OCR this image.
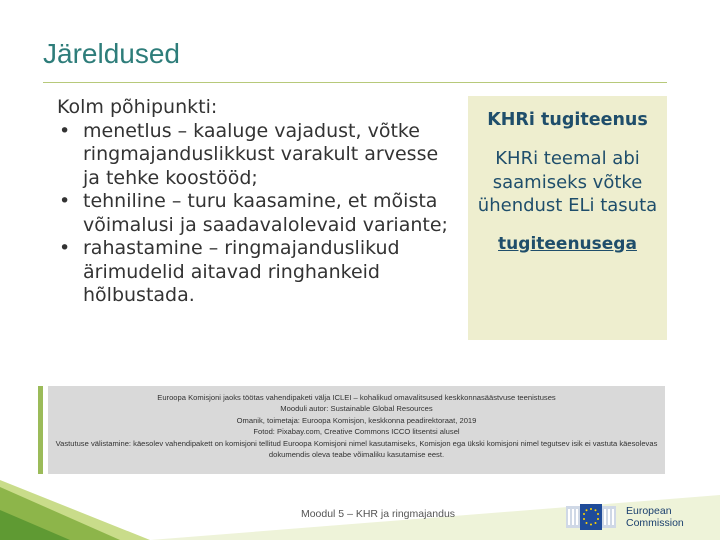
Järeldused

Kolm põhipunkti:

• menetlus – kaaluge vajadust, võtke ringmajanduslikkust varakult arvesse ja tehke koostööd;
• tehniline – turu kaasamine, et mõista võimalusi ja saadavalolevaid variante;
• rahastamine – ringmajanduslikud ärimudelid aitavad ringhankeid hõlbustada.
KHRi tugiteenus
KHRi teemal abi saamiseks võtke ühendust ELi tasuta
tugiteenusega
Euroopa Komisjoni jaoks töötas vahendipaketi välja ICLEI – kohalikud omavalitsused keskkonnasäästvuse teenistuses
Mooduli autor: Sustainable Global Resources
Omanik, toimetaja: Euroopa Komisjon, keskkonna peadirektoraat, 2019
Fotod: Pixabay.com, Creative Commons ICCO litsentsi alusel
Vastutuse välistamine: käesolev vahendipakett on komisjoni tellitud Euroopa Komisjoni nimel kasutamiseks, Komisjon ega ükski komisjoni nimel tegutsev isik ei vastuta käesolevas dokumendis oleva teabe võimaliku kasutamise eest.
Moodul 5 – KHR ja ringmajandus	European
Commission
